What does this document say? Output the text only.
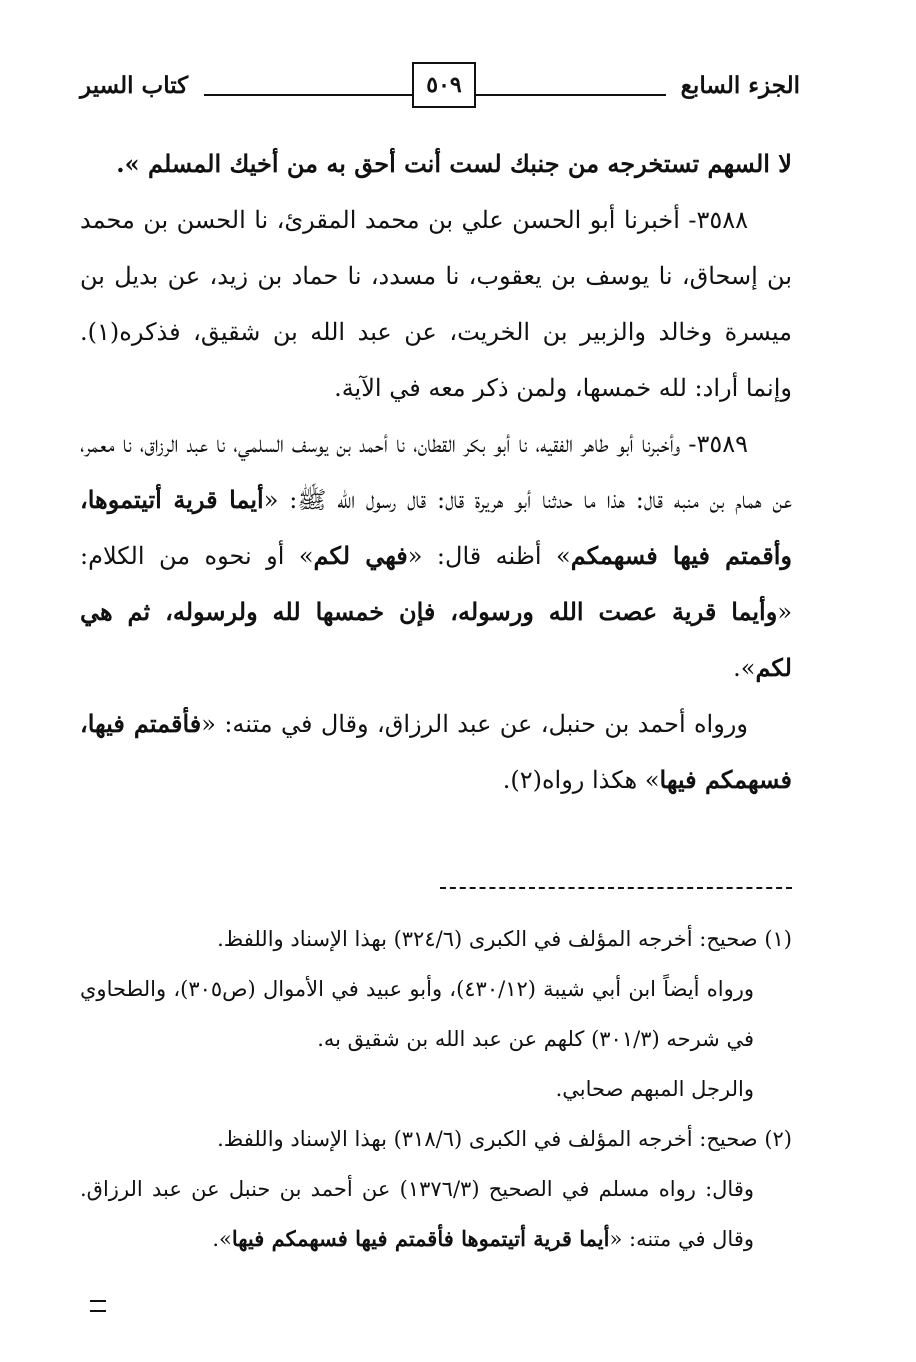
كتاب السير	٥٠٩	الجزء السابع

لا السهم تستخرجه من جنبك لست أنت أحق به من أخيك المسلم ».

٣٥٨٨- أخبرنا أبو الحسن علي بن محمد المقرئ، نا الحسن بن محمد بن إسحاق، نا يوسف بن يعقوب، نا مسدد، نا حماد بن زيد، عن بديل بن ميسرة وخالد والزبير بن الخريت، عن عبد الله بن شقيق، فذكره(١). وإنما أراد: لله خمسها، ولمن ذكر معه في الآية.

٣٥٨٩- وأخبرنا أبو طاهر الفقيه، نا أبو بكر القطان، نا أحمد بن يوسف السلمي، نا عبد الرزاق، نا معمر، عن همام بن منبه قال: هذا ما حدثنا أبو هريرة قال: قال رسول الله ﷺ: «أيما قرية أتيتموها، وأقمتم فيها فسهمكم» أظنه قال: «فهي لكم» أو نحوه من الكلام: «وأيما قرية عصت الله ورسوله، فإن خمسها لله ولرسوله، ثم هي لكم».

ورواه أحمد بن حنبل، عن عبد الرزاق، وقال في متنه: «فأقمتم فيها، فسهمكم فيها» هكذا رواه(٢).

(١) صحيح: أخرجه المؤلف في الكبرى (٣٢٤/٦) بهذا الإسناد واللفظ.

ورواه أيضاً ابن أبي شيبة (٤٣٠/١٢)، وأبو عبيد في الأموال (ص٣٠٥)، والطحاوي في شرحه (٣٠١/٣) كلهم عن عبد الله بن شقيق به.

والرجل المبهم صحابي.

(٢) صحيح: أخرجه المؤلف في الكبرى (٣١٨/٦) بهذا الإسناد واللفظ.

وقال: رواه مسلم في الصحيح (١٣٧٦/٣) عن أحمد بن حنبل عن عبد الرزاق. وقال في متنه: «أيما قرية أتيتموها فأقمتم فيها فسهمكم فيها».
